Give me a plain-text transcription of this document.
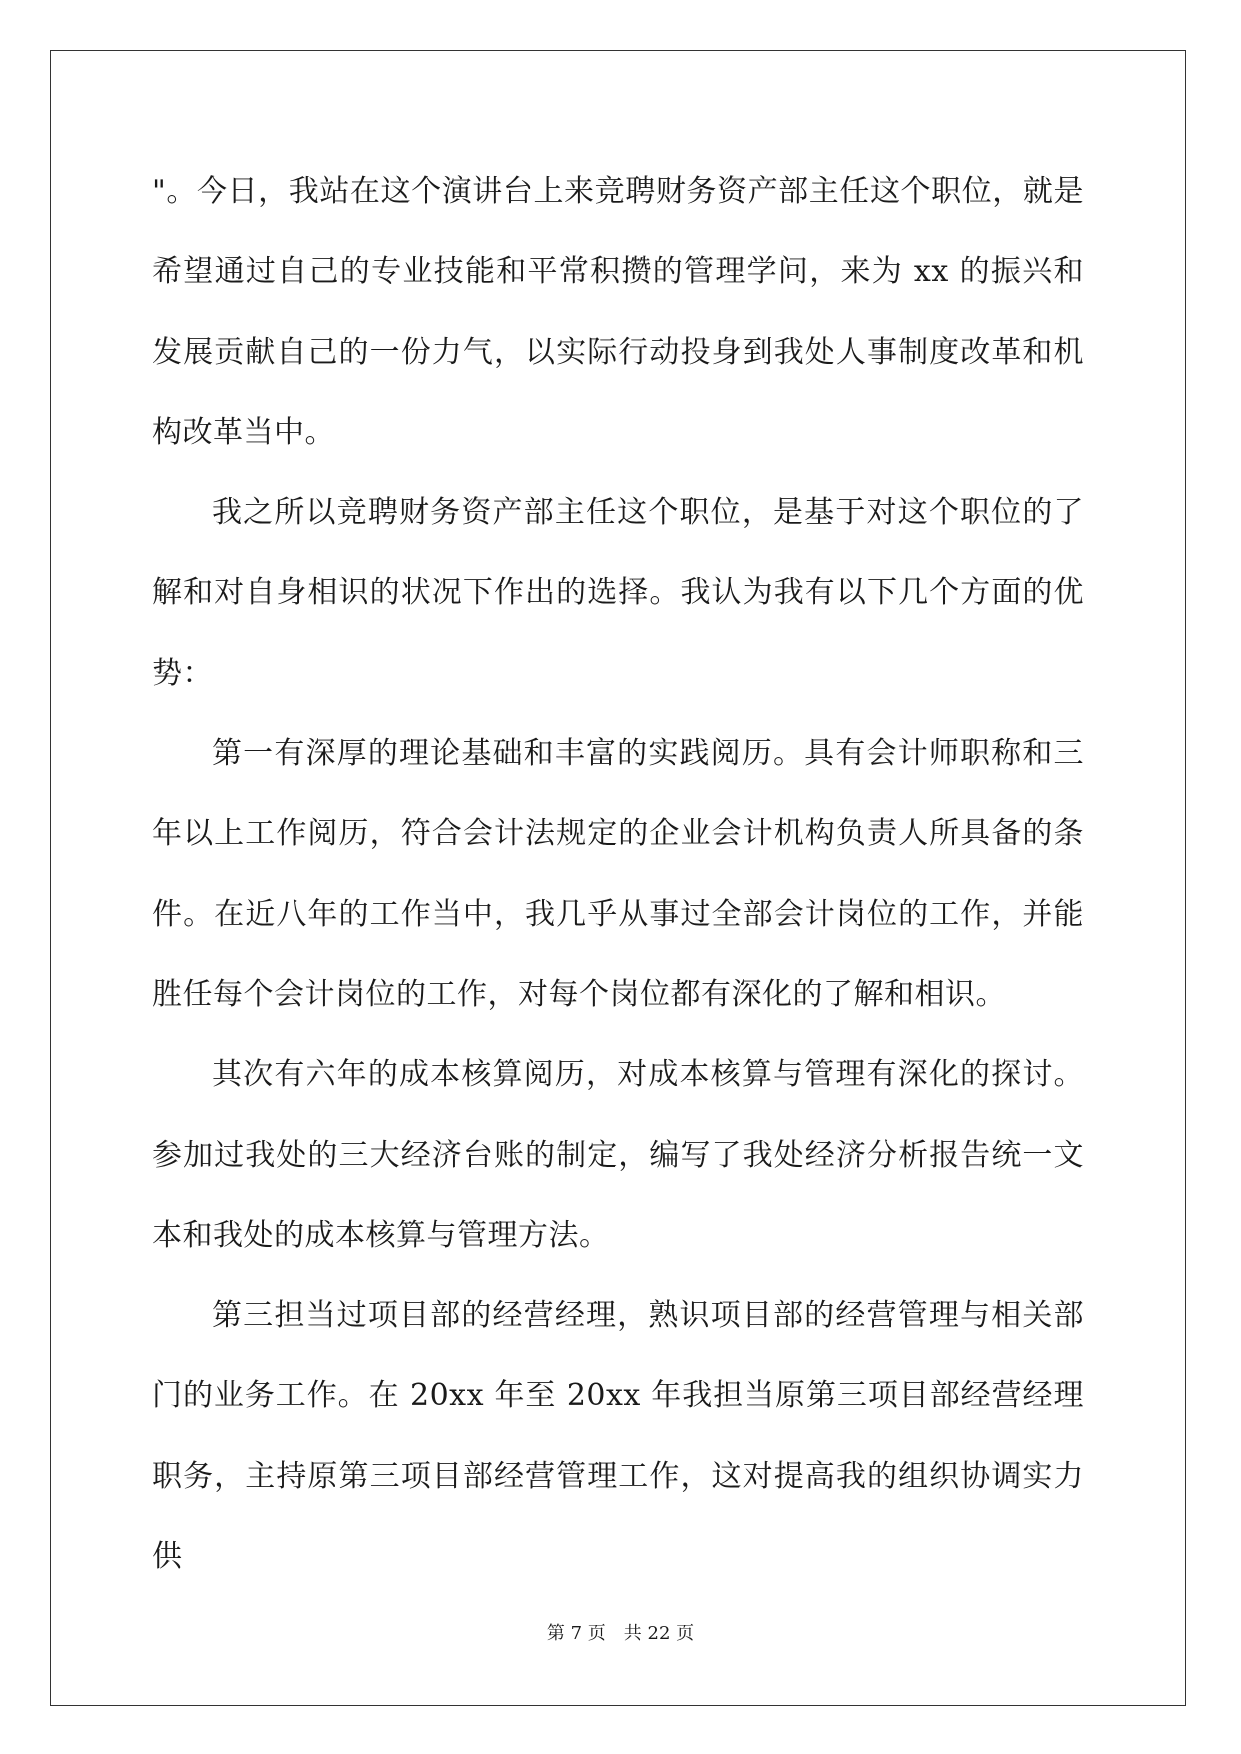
"。今日，我站在这个演讲台上来竞聘财务资产部主任这个职位，就是希望通过自己的专业技能和平常积攒的管理学问，来为 xx 的振兴和发展贡献自己的一份力气，以实际行动投身到我处人事制度改革和机构改革当中。

我之所以竞聘财务资产部主任这个职位，是基于对这个职位的了解和对自身相识的状况下作出的选择。我认为我有以下几个方面的优势：

第一有深厚的理论基础和丰富的实践阅历。具有会计师职称和三年以上工作阅历，符合会计法规定的企业会计机构负责人所具备的条件。在近八年的工作当中，我几乎从事过全部会计岗位的工作，并能胜任每个会计岗位的工作，对每个岗位都有深化的了解和相识。

其次有六年的成本核算阅历，对成本核算与管理有深化的探讨。参加过我处的三大经济台账的制定，编写了我处经济分析报告统一文本和我处的成本核算与管理方法。

第三担当过项目部的经营经理，熟识项目部的经营管理与相关部门的业务工作。在 20xx 年至 20xx 年我担当原第三项目部经营经理职务，主持原第三项目部经营管理工作，这对提高我的组织协调实力供

第 7 页 共 22 页
